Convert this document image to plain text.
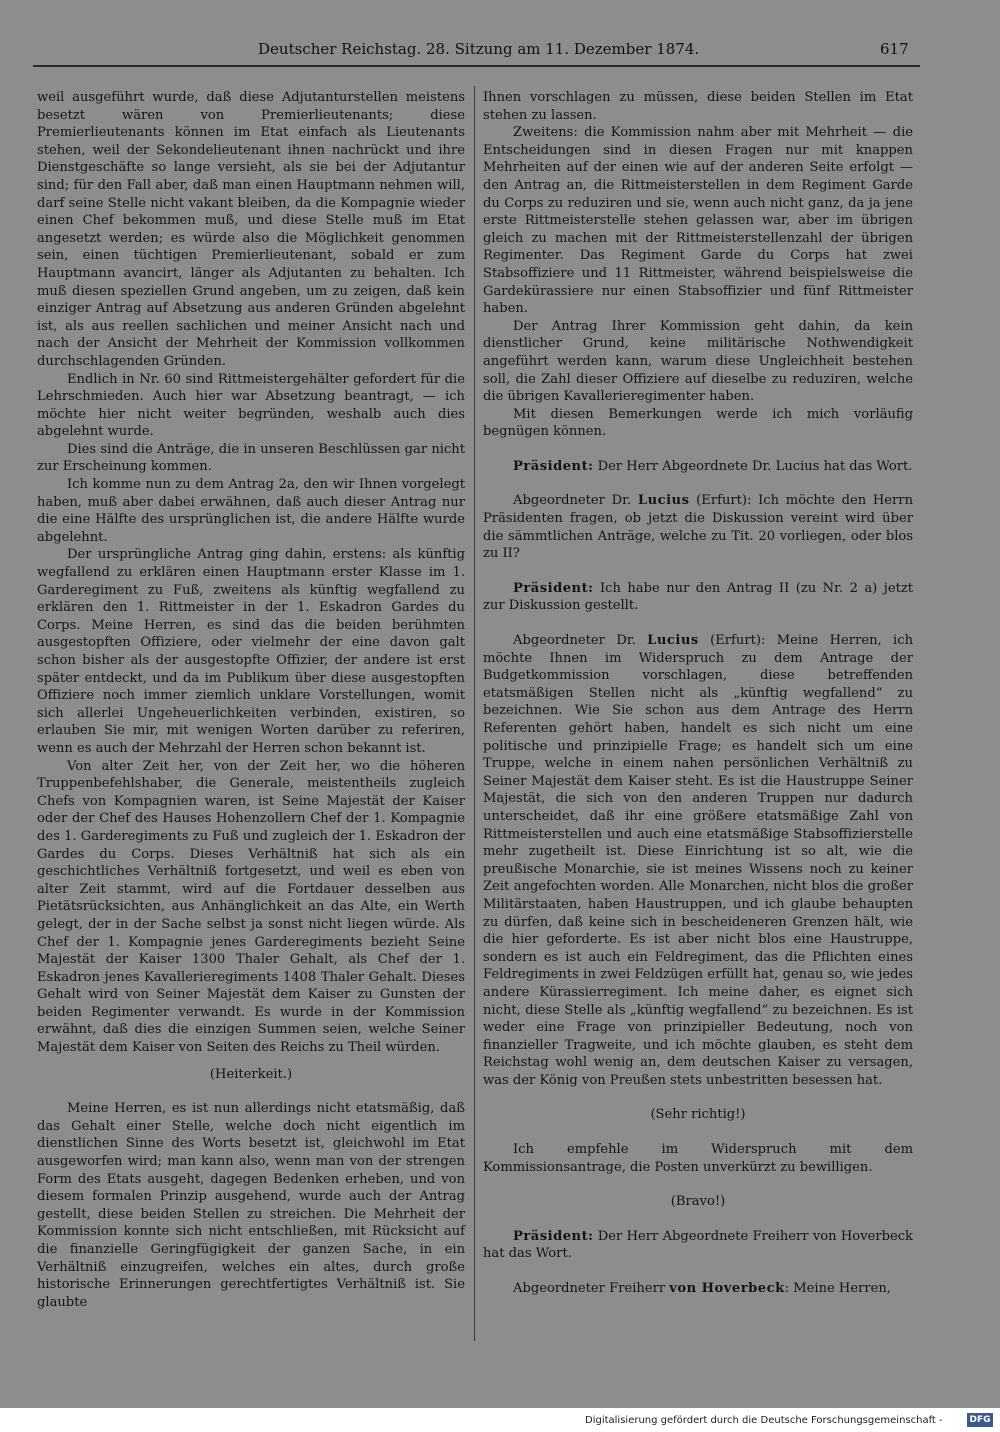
Deutscher Reichstag. 28. Sitzung am 11. Dezember 1874.	617

weil ausgeführt wurde, daß diese Adjutanturstellen meistens besetzt wären von Premierlieutenants; diese Premierlieutenants können im Etat einfach als Lieutenants stehen, weil der Sekondelieutenant ihnen nachrückt und ihre Dienstgeschäfte so lange versieht, als sie bei der Adjutantur sind; für den Fall aber, daß man einen Hauptmann nehmen will, darf seine Stelle nicht vakant bleiben, da die Kompagnie wieder einen Chef bekommen muß, und diese Stelle muß im Etat angesetzt werden; es würde also die Möglichkeit genommen sein, einen tüchtigen Premierlieutenant, sobald er zum Hauptmann avancirt, länger als Adjutanten zu behalten. Ich muß diesen speziellen Grund angeben, um zu zeigen, daß kein einziger Antrag auf Absetzung aus anderen Gründen abgelehnt ist, als aus reellen sachlichen und meiner Ansicht nach und nach der Ansicht der Mehrheit der Kommission vollkommen durchschlagenden Gründen.

Endlich in Nr. 60 sind Rittmeistergehälter gefordert für die Lehrschmieden. Auch hier war Absetzung beantragt, — ich möchte hier nicht weiter begründen, weshalb auch dies abgelehnt wurde.

Dies sind die Anträge, die in unseren Beschlüssen gar nicht zur Erscheinung kommen.

Ich komme nun zu dem Antrag 2a, den wir Ihnen vorgelegt haben, muß aber dabei erwähnen, daß auch dieser Antrag nur die eine Hälfte des ursprünglichen ist, die andere Hälfte wurde abgelehnt.

Der ursprüngliche Antrag ging dahin, erstens: als künftig wegfallend zu erklären einen Hauptmann erster Klasse im 1. Garderegiment zu Fuß, zweitens als künftig wegfallend zu erklären den 1. Rittmeister in der 1. Eskadron Gardes du Corps. Meine Herren, es sind das die beiden berühmten ausgestopften Offiziere, oder vielmehr der eine davon galt schon bisher als der ausgestopfte Offizier, der andere ist erst später entdeckt, und da im Publikum über diese ausgestopften Offiziere noch immer ziemlich unklare Vorstellungen, womit sich allerlei Ungeheuerlichkeiten verbinden, existiren, so erlauben Sie mir, mit wenigen Worten darüber zu referiren, wenn es auch der Mehrzahl der Herren schon bekannt ist.

Von alter Zeit her, von der Zeit her, wo die höheren Truppenbefehlshaber, die Generale, meistentheils zugleich Chefs von Kompagnien waren, ist Seine Majestät der Kaiser oder der Chef des Hauses Hohenzollern Chef der 1. Kompagnie des 1. Garderegiments zu Fuß und zugleich der 1. Eskadron der Gardes du Corps. Dieses Verhältniß hat sich als ein geschichtliches Verhältniß fortgesetzt, und weil es eben von alter Zeit stammt, wird auf die Fortdauer desselben aus Pietätsrücksichten, aus Anhänglichkeit an das Alte, ein Werth gelegt, der in der Sache selbst ja sonst nicht liegen würde. Als Chef der 1. Kompagnie jenes Garderegiments bezieht Seine Majestät der Kaiser 1300 Thaler Gehalt, als Chef der 1. Eskadron jenes Kavallerieregiments 1408 Thaler Gehalt. Dieses Gehalt wird von Seiner Majestät dem Kaiser zu Gunsten der beiden Regimenter verwandt. Es wurde in der Kommission erwähnt, daß dies die einzigen Summen seien, welche Seiner Majestät dem Kaiser von Seiten des Reichs zu Theil würden.

(Heiterkeit.)

Meine Herren, es ist nun allerdings nicht etatsmäßig, daß das Gehalt einer Stelle, welche doch nicht eigentlich im dienstlichen Sinne des Worts besetzt ist, gleichwohl im Etat ausgeworfen wird; man kann also, wenn man von der strengen Form des Etats ausgeht, dagegen Bedenken erheben, und von diesem formalen Prinzip ausgehend, wurde auch der Antrag gestellt, diese beiden Stellen zu streichen. Die Mehrheit der Kommission konnte sich nicht entschließen, mit Rücksicht auf die finanzielle Geringfügigkeit der ganzen Sache, in ein Verhältniß einzugreifen, welches ein altes, durch große historische Erinnerungen gerechtfertigtes Verhältniß ist. Sie glaubte

Ihnen vorschlagen zu müssen, diese beiden Stellen im Etat stehen zu lassen.

Zweitens: die Kommission nahm aber mit Mehrheit — die Entscheidungen sind in diesen Fragen nur mit knappen Mehrheiten auf der einen wie auf der anderen Seite erfolgt — den Antrag an, die Rittmeisterstellen in dem Regiment Garde du Corps zu reduziren und sie, wenn auch nicht ganz, da ja jene erste Rittmeisterstelle stehen gelassen war, aber im übrigen gleich zu machen mit der Rittmeisterstellenzahl der übrigen Regimenter. Das Regiment Garde du Corps hat zwei Stabsoffiziere und 11 Rittmeister, während beispielsweise die Gardekürassiere nur einen Stabsoffizier und fünf Rittmeister haben.

Der Antrag Ihrer Kommission geht dahin, da kein dienstlicher Grund, keine militärische Nothwendigkeit angeführt werden kann, warum diese Ungleichheit bestehen soll, die Zahl dieser Offiziere auf dieselbe zu reduziren, welche die übrigen Kavallerieregimenter haben.

Mit diesen Bemerkungen werde ich mich vorläufig begnügen können.

Präsident: Der Herr Abgeordnete Dr. Lucius hat das Wort.

Abgeordneter Dr. Lucius (Erfurt): Ich möchte den Herrn Präsidenten fragen, ob jetzt die Diskussion vereint wird über die sämmtlichen Anträge, welche zu Tit. 20 vorliegen, oder blos zu II?

Präsident: Ich habe nur den Antrag II (zu Nr. 2 a) jetzt zur Diskussion gestellt.

Abgeordneter Dr. Lucius (Erfurt): Meine Herren, ich möchte Ihnen im Widerspruch zu dem Antrage der Budgetkommission vorschlagen, diese betreffenden etatsmäßigen Stellen nicht als „künftig wegfallend“ zu bezeichnen. Wie Sie schon aus dem Antrage des Herrn Referenten gehört haben, handelt es sich nicht um eine politische und prinzipielle Frage; es handelt sich um eine Truppe, welche in einem nahen persönlichen Verhältniß zu Seiner Majestät dem Kaiser steht. Es ist die Haustruppe Seiner Majestät, die sich von den anderen Truppen nur dadurch unterscheidet, daß ihr eine größere etatsmäßige Zahl von Rittmeisterstellen und auch eine etatsmäßige Stabsoffizierstelle mehr zugetheilt ist. Diese Einrichtung ist so alt, wie die preußische Monarchie, sie ist meines Wissens noch zu keiner Zeit angefochten worden. Alle Monarchen, nicht blos die großer Militärstaaten, haben Haustruppen, und ich glaube behaupten zu dürfen, daß keine sich in bescheideneren Grenzen hält, wie die hier geforderte. Es ist aber nicht blos eine Haustruppe, sondern es ist auch ein Feldregiment, das die Pflichten eines Feldregiments in zwei Feldzügen erfüllt hat, genau so, wie jedes andere Kürassierregiment. Ich meine daher, es eignet sich nicht, diese Stelle als „künftig wegfallend“ zu bezeichnen. Es ist weder eine Frage von prinzipieller Bedeutung, noch von finanzieller Tragweite, und ich möchte glauben, es steht dem Reichstag wohl wenig an, dem deutschen Kaiser zu versagen, was der König von Preußen stets unbestritten besessen hat.

(Sehr richtig!)

Ich empfehle im Widerspruch mit dem Kommissionsantrage, die Posten unverkürzt zu bewilligen.

(Bravo!)

Präsident: Der Herr Abgeordnete Freiherr von Hoverbeck hat das Wort.

Abgeordneter Freiherr von Hoverbeck: Meine Herren,

Digitalisierung gefördert durch die Deutsche Forschungsgemeinschaft -	DFG
